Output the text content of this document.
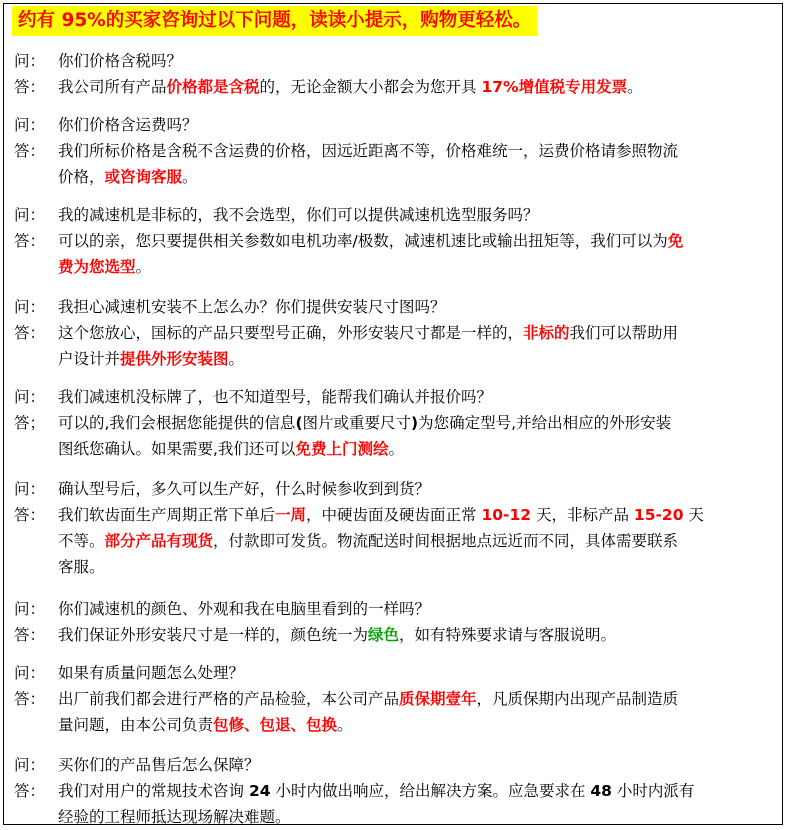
约有 95%的买家咨询过以下问题，读读小提示，购物更轻松。
问： 你们价格含税吗？
答： 我公司所有产品价格都是含税的，无论金额大小都会为您开具 17%增值税专用发票。
问： 你们价格含运费吗？
答： 我们所标价格是含税不含运费的价格，因远近距离不等，价格难统一，运费价格请参照物流
价格，或咨询客服。
问： 我的减速机是非标的，我不会选型，你们可以提供减速机选型服务吗？
答： 可以的亲，您只要提供相关参数如电机功率/极数，减速机速比或输出扭矩等，我们可以为免
费为您选型。
问： 我担心减速机安装不上怎么办？你们提供安装尺寸图吗？
答： 这个您放心，国标的产品只要型号正确，外形安装尺寸都是一样的，非标的我们可以帮助用
户设计并提供外形安装图。
问： 我们减速机没标牌了，也不知道型号，能帮我们确认并报价吗？
答； 可以的,我们会根据您能提供的信息(图片或重要尺寸)为您确定型号,并给出相应的外形安装
图纸您确认。如果需要,我们还可以免费上门测绘。
问： 确认型号后，多久可以生产好，什么时候参收到到货？
答： 我们软齿面生产周期正常下单后一周，中硬齿面及硬齿面正常 10-12 天，非标产品 15-20 天
不等。部分产品有现货，付款即可发货。物流配送时间根据地点远近而不同，具体需要联系
客服。
问： 你们减速机的颜色、外观和我在电脑里看到的一样吗？
答： 我们保证外形安装尺寸是一样的，颜色统一为绿色，如有特殊要求请与客服说明。
问： 如果有质量问题怎么处理？
答： 出厂前我们都会进行严格的产品检验，本公司产品质保期壹年，凡质保期内出现产品制造质
量问题，由本公司负责包修、包退、包换。
问： 买你们的产品售后怎么保障？
答： 我们对用户的常规技术咨询 24 小时内做出响应，给出解决方案。应急要求在 48 小时内派有
经验的工程师抵达现场解决难题。
